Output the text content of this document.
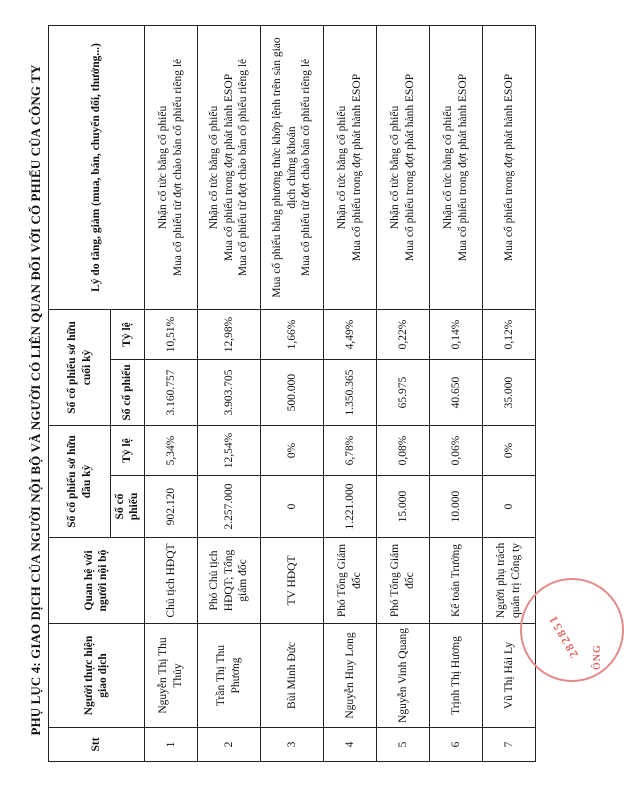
PHỤ LỤC 4: GIAO DỊCH CỦA NGƯỜI NỘI BỘ VÀ NGƯỜI CÓ LIÊN QUAN ĐỐI VỚI CỔ PHIẾU CỦA CÔNG TY
Stt	Người thực hiện giao dịch	Quan hệ với người nội bộ	Số cổ phiếu sở hữu đầu kỳ		Số cổ phiếu sở hữu cuối kỳ		Lý do tăng, giảm (mua, bán, chuyển đổi, thưởng...)
			Số cổ phiếu	Tỷ lệ	Số cổ phiếu	Tỷ lệ	
1	Nguyễn Thị Thu Thủy	Chủ tịch HĐQT	902.120	5,34%	3.160.757	10,51%	Nhận cổ tức bằng cổ phiếu Mua cổ phiếu từ đợt chào bán cổ phiếu riêng lẻ

2	Trần Thị Thu Phương	Phó Chủ tịch HĐQT; Tổng giám đốc	2.257.000	12,54%	3.903.705	12,98%	Nhận cổ tức bằng cổ phiếu Mua cổ phiếu trong đợt phát hành ESOP Mua cổ phiếu từ đợt chào bán cổ phiếu riêng lẻ

3	Bùi Minh Đức	TV HĐQT	0	0%	500.000	1,66%	Mua cổ phiếu bằng phương thức khớp lệnh trên sàn giao dịch chứng khoán Mua cổ phiếu từ đợt chào bán cổ phiếu riêng lẻ

4	Nguyễn Huy Long	Phó Tổng Giám đốc	1.221.000	6,78%	1.350.365	4,49%	Nhận cổ tức bằng cổ phiếu Mua cổ phiếu trong đợt phát hành ESOP

5	Nguyễn Vinh Quang	Phó Tổng Giám đốc	15.000	0,08%	65.975	0,22%	Nhận cổ tức bằng cổ phiếu Mua cổ phiếu trong đợt phát hành ESOP

6	Trịnh Thị Hương	Kế toán Trưởng	10.000	0,06%	40.650	0,14%	Nhận cổ tức bằng cổ phiếu Mua cổ phiếu trong đợt phát hành ESOP

7	Vũ Thị Hải Ly	Người phụ trách quản trị Công ty	0	0%	35.000	0,12%	Mua cổ phiếu trong đợt phát hành ESOP
282851 ÔNG
